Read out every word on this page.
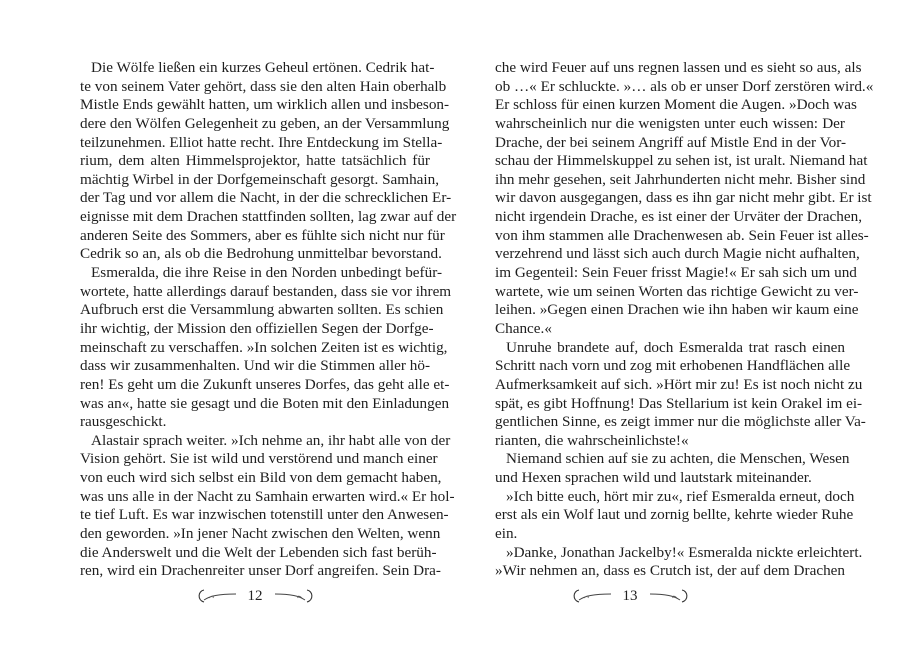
Die Wölfe ließen ein kurzes Geheul ertönen. Cedrik hat-
te von seinem Vater gehört, dass sie den alten Hain oberhalb
Mistle Ends gewählt hatten, um wirklich allen und insbeson-
dere den Wölfen Gelegenheit zu geben, an der Versammlung
teilzunehmen. Elliot hatte recht. Ihre Entdeckung im Stella-
rium, dem alten Himmelsprojektor, hatte tatsächlich für
mächtig Wirbel in der Dorfgemeinschaft gesorgt. Samhain,
der Tag und vor allem die Nacht, in der die schrecklichen Er-
eignisse mit dem Drachen stattfinden sollten, lag zwar auf der
anderen Seite des Sommers, aber es fühlte sich nicht nur für
Cedrik so an, als ob die Bedrohung unmittelbar bevorstand.
Esmeralda, die ihre Reise in den Norden unbedingt befür-
wortete, hatte allerdings darauf bestanden, dass sie vor ihrem
Aufbruch erst die Versammlung abwarten sollten. Es schien
ihr wichtig, der Mission den offiziellen Segen der Dorfge-
meinschaft zu verschaffen. »In solchen Zeiten ist es wichtig,
dass wir zusammenhalten. Und wir die Stimmen aller hö-
ren! Es geht um die Zukunft unseres Dorfes, das geht alle et-
was an«, hatte sie gesagt und die Boten mit den Einladungen
rausgeschickt.
Alastair sprach weiter. »Ich nehme an, ihr habt alle von der
Vision gehört. Sie ist wild und verstörend und manch einer
von euch wird sich selbst ein Bild von dem gemacht haben,
was uns alle in der Nacht zu Samhain erwarten wird.« Er hol-
te tief Luft. Es war inzwischen totenstill unter den Anwesen-
den geworden. »In jener Nacht zwischen den Welten, wenn
die Anderswelt und die Welt der Lebenden sich fast berüh-
ren, wird ein Drachenreiter unser Dorf angreifen. Sein Dra-
12
che wird Feuer auf uns regnen lassen und es sieht so aus, als
ob …« Er schluckte. »… als ob er unser Dorf zerstören wird.«
Er schloss für einen kurzen Moment die Augen. »Doch was
wahrscheinlich nur die wenigsten unter euch wissen: Der
Drache, der bei seinem Angriff auf Mistle End in der Vor-
schau der Himmelskuppel zu sehen ist, ist uralt. Niemand hat
ihn mehr gesehen, seit Jahrhunderten nicht mehr. Bisher sind
wir davon ausgegangen, dass es ihn gar nicht mehr gibt. Er ist
nicht irgendein Drache, es ist einer der Urväter der Drachen,
von ihm stammen alle Drachenwesen ab. Sein Feuer ist alles-
verzehrend und lässt sich auch durch Magie nicht aufhalten,
im Gegenteil: Sein Feuer frisst Magie!« Er sah sich um und
wartete, wie um seinen Worten das richtige Gewicht zu ver-
leihen. »Gegen einen Drachen wie ihn haben wir kaum eine
Chance.«
Unruhe brandete auf, doch Esmeralda trat rasch einen
Schritt nach vorn und zog mit erhobenen Handflächen alle
Aufmerksamkeit auf sich. »Hört mir zu! Es ist noch nicht zu
spät, es gibt Hoffnung! Das Stellarium ist kein Orakel im ei-
gentlichen Sinne, es zeigt immer nur die möglichste aller Va-
rianten, die wahrscheinlichste!«
Niemand schien auf sie zu achten, die Menschen, Wesen
und Hexen sprachen wild und lautstark miteinander.
»Ich bitte euch, hört mir zu«, rief Esmeralda erneut, doch
erst als ein Wolf laut und zornig bellte, kehrte wieder Ruhe
ein.
»Danke, Jonathan Jackelby!« Esmeralda nickte erleichtert.
»Wir nehmen an, dass es Crutch ist, der auf dem Drachen
13
